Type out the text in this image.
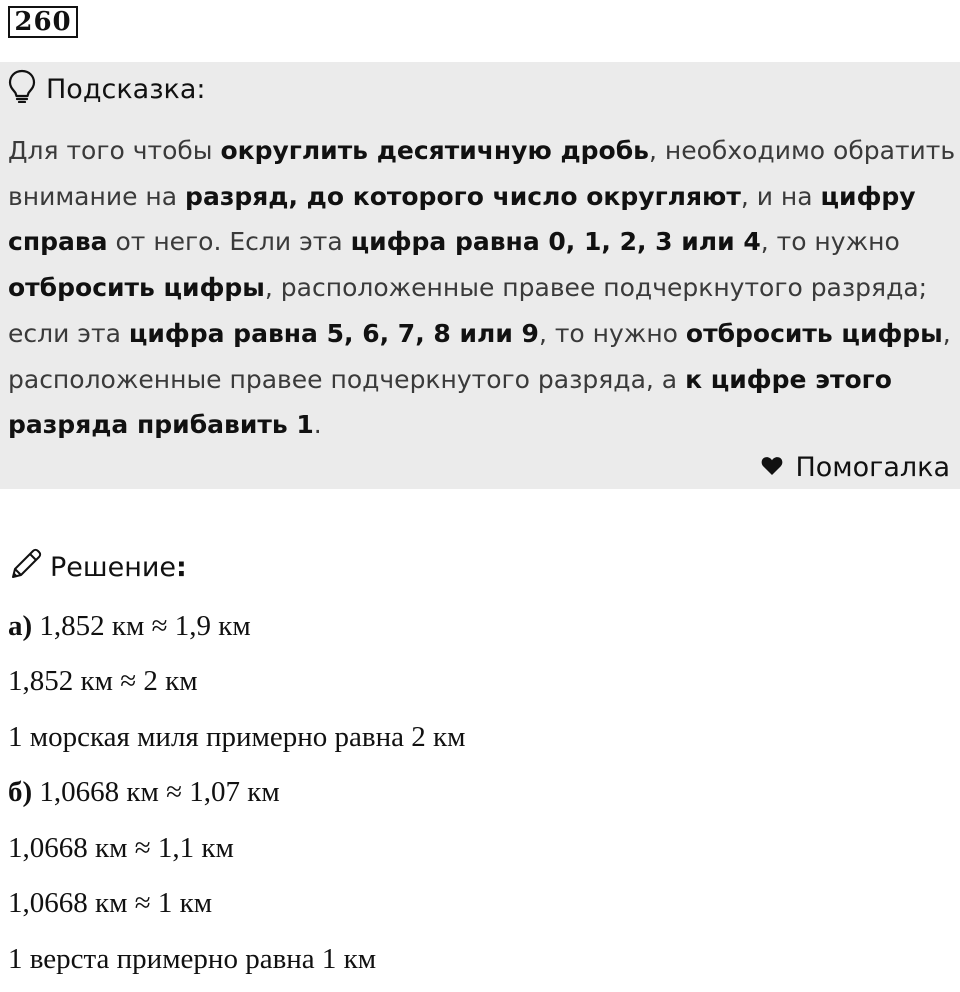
260
Подсказка:
Для того чтобы округлить десятичную дробь, необходимо обратить
внимание на разряд, до которого число округляют, и на цифру
справа от него. Если эта цифра равна 0, 1, 2, 3 или 4, то нужно
отбросить цифры, расположенные правее подчеркнутого разряда;
если эта цифра равна 5, 6, 7, 8 или 9, то нужно отбросить цифры,
расположенные правее подчеркнутого разряда, а к цифре этого
разряда прибавить 1.
Помогалка
Решение :
а) 1,852 км ≈ 1,9 км
1,852 км ≈ 2 км
1 морская миля примерно равна 2 км
б) 1,0668 км ≈ 1,07 км
1,0668 км ≈ 1,1 км
1,0668 км ≈ 1 км
1 верста примерно равна 1 км
